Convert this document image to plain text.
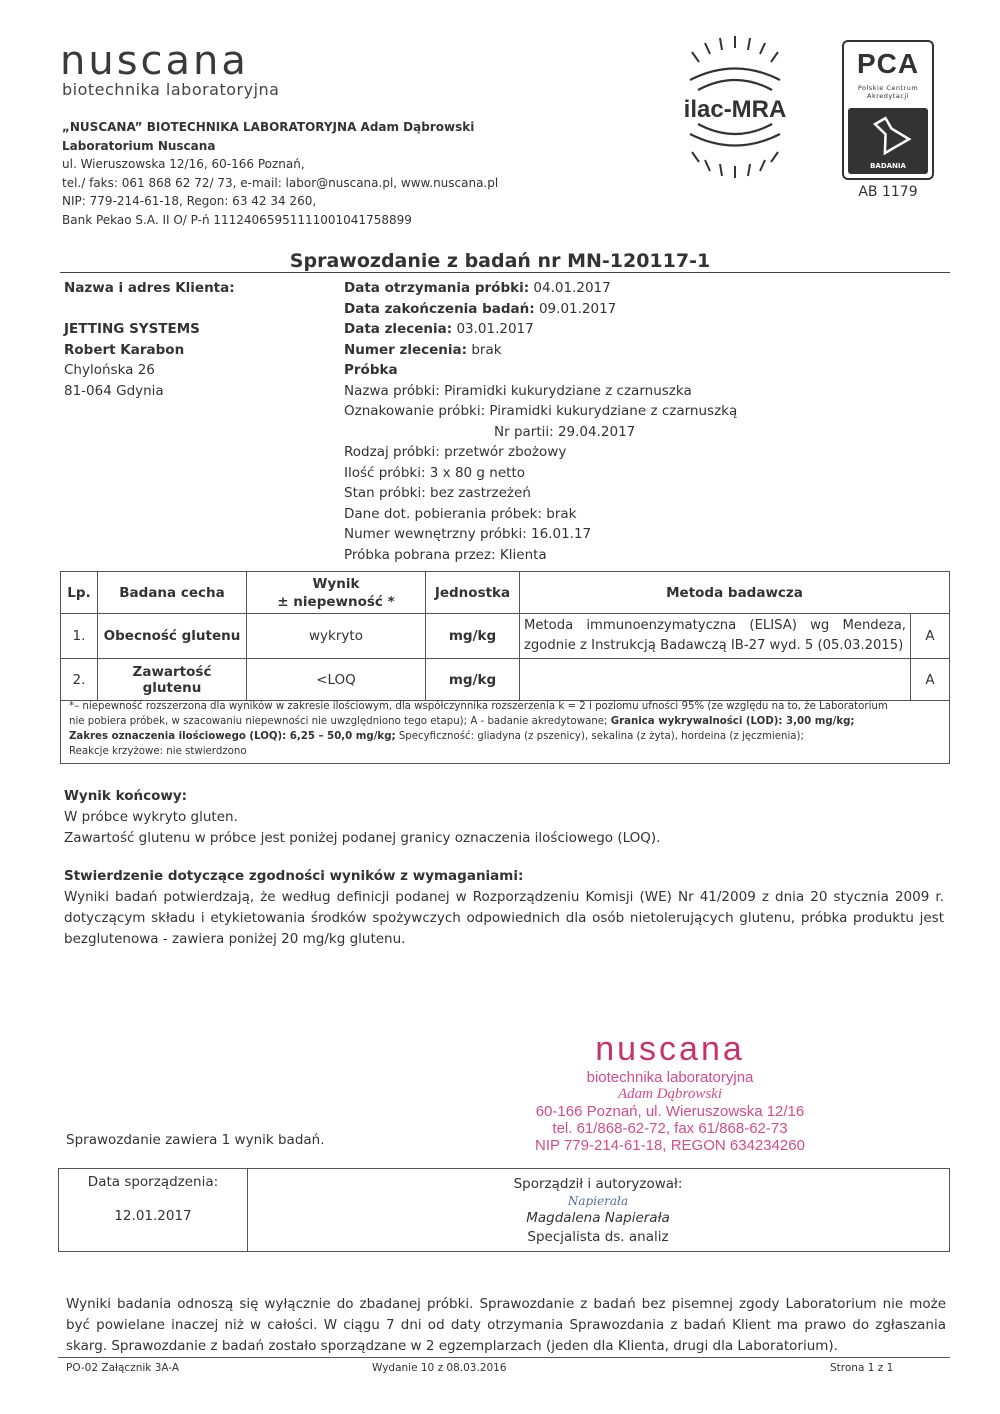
nuscana
biotechnika laboratoryjna
„NUSCANA” BIOTECHNIKA LABORATORYJNA Adam Dąbrowski
Laboratorium Nuscana
ul. Wieruszowska 12/16, 60-166 Poznań,
tel./ faks: 061 868 62 72/ 73, e-mail: labor@nuscana.pl, www.nuscana.pl
NIP: 779-214-61-18, Regon: 63 42 34 260,
Bank Pekao S.A. II O/ P-ń 11124065951111001041758899
ilac-MRA
PCA
Polskie Centrum
Akredytacji
BADANIA
AB 1179
Sprawozdanie z badań nr MN-120117-1
Nazwa i adres Klienta:

JETTING SYSTEMS
Robert Karabon
Chylońska 26
81-064 Gdynia
Data otrzymania próbki: 04.01.2017
Data zakończenia badań: 09.01.2017
Data zlecenia: 03.01.2017
Numer zlecenia: brak
Próbka
Nazwa próbki: Piramidki kukurydziane z czarnuszka
Oznakowanie próbki: Piramidki kukurydziane z czarnuszką
Nr partii: 29.04.2017
Rodzaj próbki: przetwór zbożowy
Ilość próbki: 3 x 80 g netto
Stan próbki: bez zastrzeżeń
Dane dot. pobierania próbek: brak
Numer wewnętrzny próbki: 16.01.17
Próbka pobrana przez: Klienta
Lp.	Badana cecha	Wynik
± niepewność *	Jednostka	Metoda badawcza	
1.	Obecność glutenu	wykryto	mg/kg	Metoda immunoenzymatyczna (ELISA) wg Mendeza,
zgodnie z Instrukcją Badawczą IB-27 wyd. 5 (05.03.2015)	A
2.	Zawartość glutenu	<LOQ	mg/kg		A
*– niepewność rozszerzona dla wyników w zakresie ilościowym, dla współczynnika rozszerzenia k = 2 i poziomu ufności 95% (ze względu na to, że Laboratorium
nie pobiera próbek, w szacowaniu niepewności nie uwzględniono tego etapu); A - badanie akredytowane; Granica wykrywalności (LOD): 3,00 mg/kg;
Zakres oznaczenia ilościowego (LOQ): 6,25 – 50,0 mg/kg; Specyficzność: gliadyna (z pszenicy), sekalina (z żyta), hordeina (z jęczmienia);
Reakcje krzyżowe: nie stwierdzono
Wynik końcowy:
W próbce wykryto gluten.
Zawartość glutenu w próbce jest poniżej podanej granicy oznaczenia ilościowego (LOQ).
Stwierdzenie dotyczące zgodności wyników z wymaganiami:
Wyniki badań potwierdzają, że według definicji podanej w Rozporządzeniu Komisji (WE) Nr 41/2009 z dnia 20 stycznia 2009 r. dotyczącym składu i etykietowania środków spożywczych odpowiednich dla osób nietolerujących glutenu, próbka produktu jest bezglutenowa - zawiera poniżej 20 mg/kg glutenu.
nuscana
biotechnika laboratoryjna
Adam Dąbrowski
60-166 Poznań, ul. Wieruszowska 12/16
tel. 61/868-62-72, fax 61/868-62-73
NIP 779-214-61-18, REGON 634234260
Sprawozdanie zawiera 1 wynik badań.
Data sporządzenia:
12.01.2017
Sporządził i autoryzował:
Napierała
Magdalena Napierała
Specjalista ds. analiz
Wyniki badania odnoszą się wyłącznie do zbadanej próbki. Sprawozdanie z badań bez pisemnej zgody Laboratorium nie może być powielane inaczej niż w całości. W ciągu 7 dni od daty otrzymania Sprawozdania z badań Klient ma prawo do zgłaszania skarg. Sprawozdanie z badań zostało sporządzane w 2 egzemplarzach (jeden dla Klienta, drugi dla Laboratorium).
PO-02 Załącznik 3A-A	Wydanie 10 z 08.03.2016	Strona 1 z 1
